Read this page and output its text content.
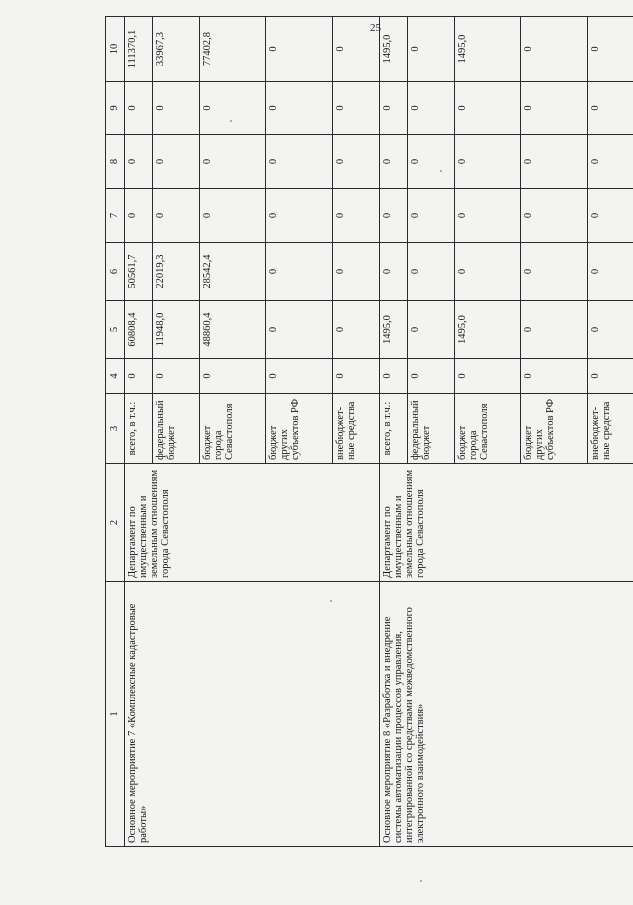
25
1	2	3	4	5	6	7	8	9	10
Основное мероприятие 7 «Комплексные кадастровые работы»	Департамент по имущественным и земельным отношениям города Севастополя	всего, в т.ч.:	0	60808,4	50561,7	0	0	0	111370,1
		федеральный бюджет	0	11948,0	22019,3	0	0	0	33967,3
		бюджет города Севастополя	0	48860,4	28542,4	0	0	0	77402,8
		бюджет других субъектов РФ	0	0	0	0	0	0	0
		внебюджет-ные средства	0	0	0	0	0	0	0
Основное мероприятие 8 «Разработка и внедрение системы автоматизации процессов управления, интегрированной со средствами межведомственного электронного взаимодействия»	Департамент по имущественным и земельным отношениям города Севастополя	всего, в т.ч.:	0	1495,0	0	0	0	0	1495,0
		федеральный бюджет	0	0	0	0	0	0	0
		бюджет города Севастополя	0	1495,0	0	0	0	0	1495,0
		бюджет других субъектов РФ	0	0	0	0	0	0	0
		внебюджет-ные средства	0	0	0	0	0	0	0
